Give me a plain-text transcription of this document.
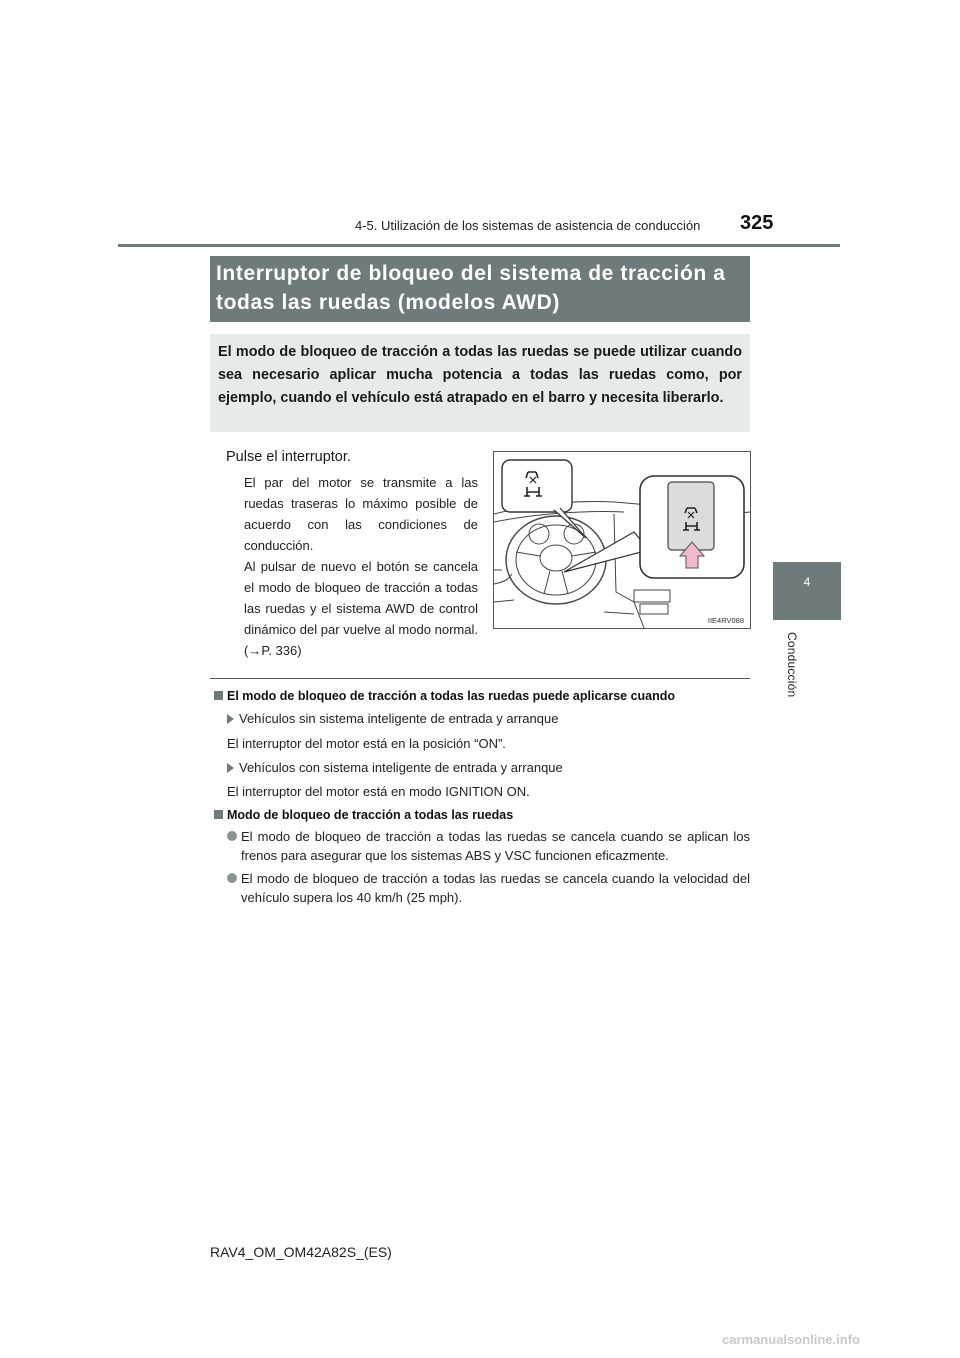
4-5. Utilización de los sistemas de asistencia de conducción 325
4
Conducción
Interruptor de bloqueo del sistema de tracción a todas las ruedas (modelos AWD)
El modo de bloqueo de tracción a todas las ruedas se puede utilizar cuando sea necesario aplicar mucha potencia a todas las ruedas como, por ejemplo, cuando el vehículo está atrapado en el barro y necesita liberarlo.
Pulse el interruptor.
El par del motor se transmite a las ruedas traseras lo máximo posible de acuerdo con las condiciones de conducción.
Al pulsar de nuevo el botón se cancela el modo de bloqueo de tracción a todas las ruedas y el sistema AWD de control dinámico del par vuelve al modo normal. (→P. 336)
IIE4RV088
El modo de bloqueo de tracción a todas las ruedas puede aplicarse cuando
Vehículos sin sistema inteligente de entrada y arranque
El interruptor del motor está en la posición “ON”.
Vehículos con sistema inteligente de entrada y arranque
El interruptor del motor está en modo IGNITION ON.
Modo de bloqueo de tracción a todas las ruedas
El modo de bloqueo de tracción a todas las ruedas se cancela cuando se aplican los frenos para asegurar que los sistemas ABS y VSC funcionen eficazmente.
El modo de bloqueo de tracción a todas las ruedas se cancela cuando la velocidad del vehículo supera los 40 km/h (25 mph).
RAV4_OM_OM42A82S_(ES)
carmanualsonline.info
